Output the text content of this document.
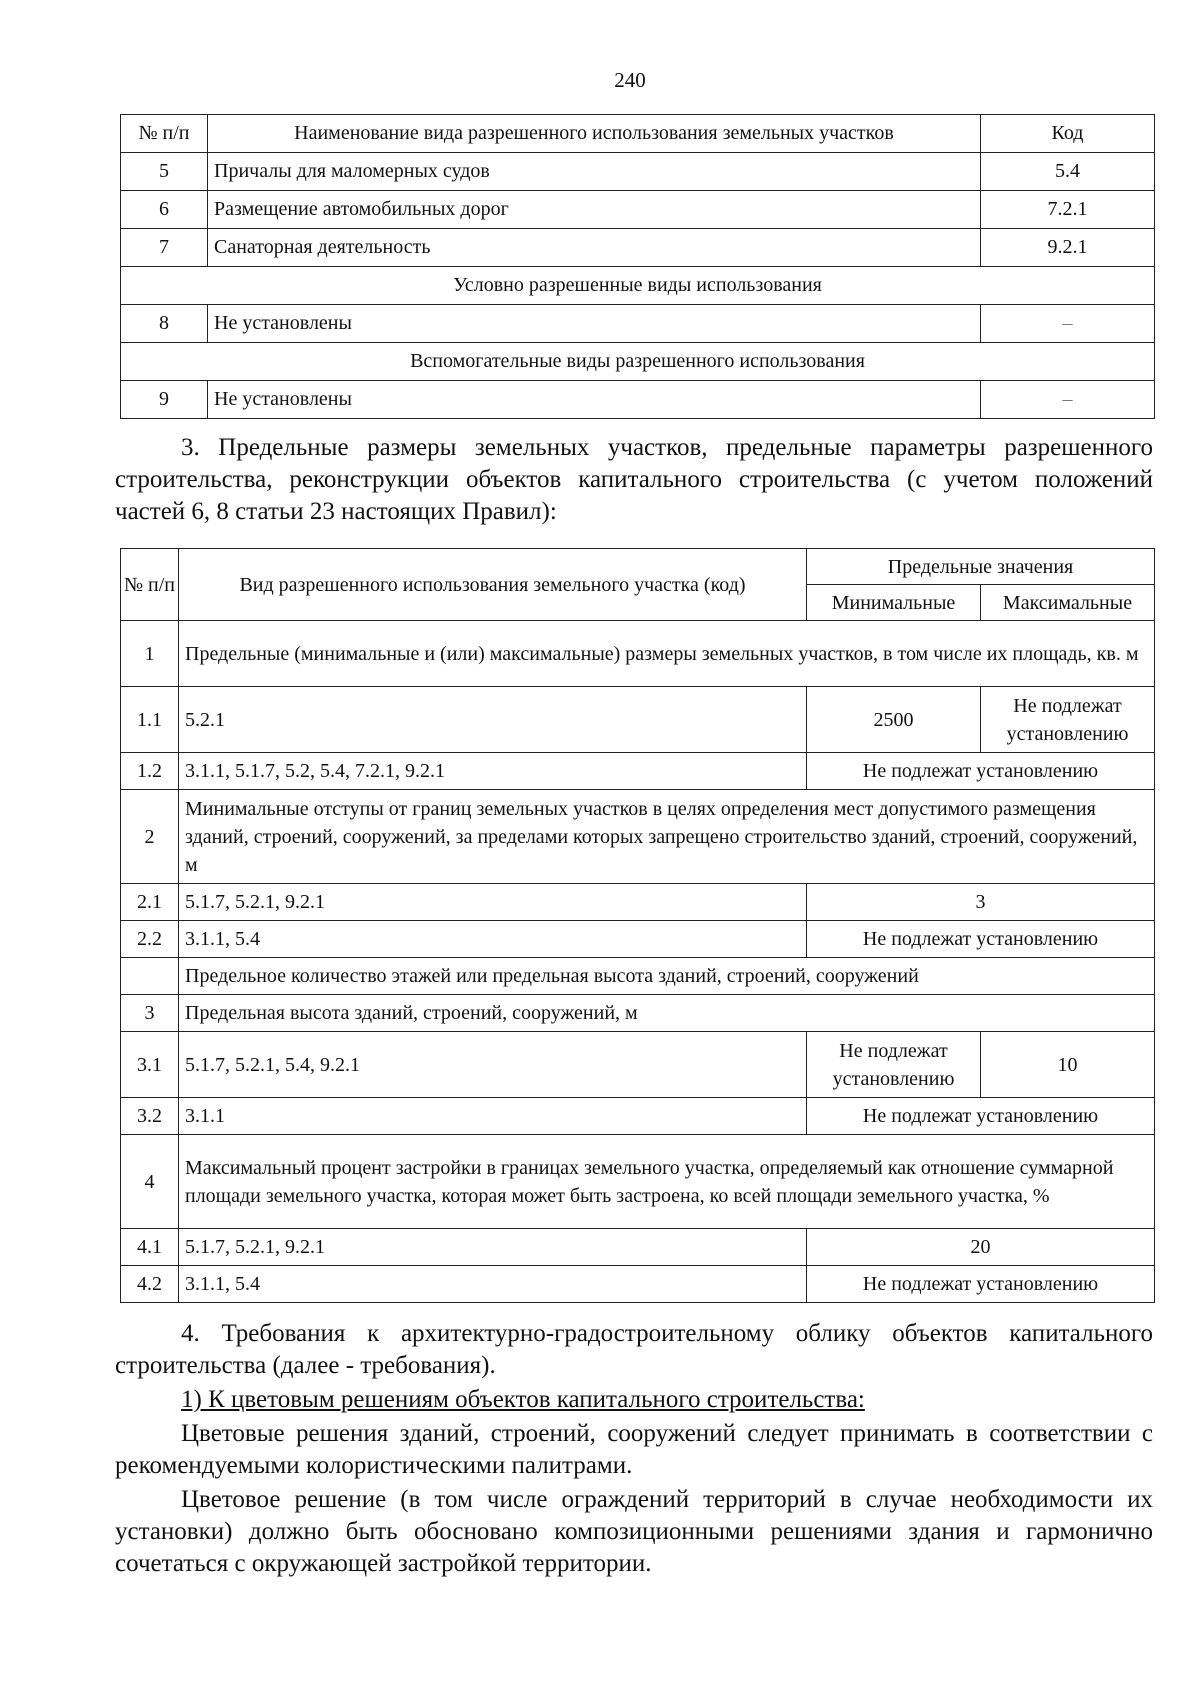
240
№ п/п	Наименование вида разрешенного использования земельных участков	Код
5	Причалы для маломерных судов	5.4
6	Размещение автомобильных дорог	7.2.1
7	Санаторная деятельность	9.2.1
Условно разрешенные виды использования		
8	Не установлены	–
Вспомогательные виды разрешенного использования		
9	Не установлены	–

3. Предельные размеры земельных участков, предельные параметры разрешенного строительства, реконструкции объектов капитального строительства (с учетом положений частей 6, 8 статьи 23 настоящих Правил):

№ п/п	Вид разрешенного использования земельного участка (код)	Предельные значения	
		Минимальные	Максимальные
1	Предельные (минимальные и (или) максимальные) размеры земельных участков, в том числе их площадь, кв. м		
1.1	5.2.1	2500	Не подлежат установлению
1.2	3.1.1, 5.1.7, 5.2, 5.4, 7.2.1, 9.2.1	Не подлежат установлению	
2	Минимальные отступы от границ земельных участков в целях определения мест допустимого размещения зданий, строений, сооружений, за пределами которых запрещено строительство зданий, строений, сооружений, м		
2.1	5.1.7, 5.2.1, 9.2.1	3	
2.2	3.1.1, 5.4	Не подлежат установлению	
	Предельное количество этажей или предельная высота зданий, строений, сооружений		
3	Предельная высота зданий, строений, сооружений, м		
3.1	5.1.7, 5.2.1, 5.4, 9.2.1	Не подлежат установлению	10
3.2	3.1.1	Не подлежат установлению	
4	Максимальный процент застройки в границах земельного участка, определяемый как отношение суммарной площади земельного участка, которая может быть застроена, ко всей площади земельного участка, %		
4.1	5.1.7, 5.2.1, 9.2.1	20	
4.2	3.1.1, 5.4	Не подлежат установлению	

4. Требования к архитектурно-градостроительному облику объектов капитального строительства (далее - требования).

1) К цветовым решениям объектов капитального строительства:

Цветовые решения зданий, строений, сооружений следует принимать в соответствии с рекомендуемыми колористическими палитрами.

Цветовое решение (в том числе ограждений территорий в случае необходимости их установки) должно быть обосновано композиционными решениями здания и гармонично сочетаться с окружающей застройкой территории.
